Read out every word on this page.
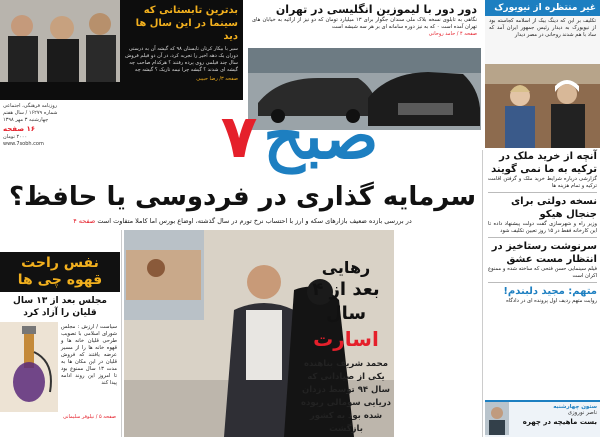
بدترین تابستانی که سینما در این سال ها دید
سیر با بیکار کرتان تابستان ۹۸ که گیشه آن به درستی دوران یک دهه اخیر را تجربه کرد، در آن دو فیلم فروش سال چند فیلمی روی پرده رفتند ؟ هرکدام صاحب چه گیشه ای شدند ؟ گیشه چرا نیمه تاریک ؟ گیشه چه
صفحه ۳/ رضا حبیبی
دور دور با لیموزین انگلیسی در تهران
نگاهی به تابلوی نسخه بلاک ملی سندان جگوار برای ۱۳ میلیارد تومان که دو نیز از ارائیه به خیابان های تهران آمده است ۰ که به نیز دوره سامانه ای بر هر سه شیشه است
صفحه ۴ / حامد روحانی
غیر منتظره از نیویورک
تکلیف بر این که دینگ بیک از اسلامه کجاسته بود از نیویورک به دیدار رئیس جمهور ایران آمد که ساد با هم شدند روحانی در مصر دیدار
روزنامه فرهنگی، اجتماعی
شماره ۱۶۲۷۹ / سال هفتم
چهارشنبه ۳ مهر ۱۳۹۸
۱۶ صفحه
۲۰۰۰ تومان
www.7sobh.com	صبح
۷
سرمایه گذاری در فردوسی یا حافظ؟
در بررسی بازده ضعیف بازارهای سکه و ارز با احتساب نرخ تورم در سال گذشته، اوضاع بورس اما کاملا متفاوت است صفحه ۴
نفس راحت قهوه چی ها
مجلس بعد از ۱۳ سال قلیان را آزاد کرد
سیاست / ارزش : مجلس شورای اسلامی با تصویب طرحی قلیان خانه ها و قهوه خانه ها را از مسیر عرضه یافتند که فروش قلیان در این مکان ها به مدت ۱۳ سال ممنوع بود تا امروز این روند ادامه پیدا کند
صفحه ۵ / نیلوفر سلیمانی
رهایی
بعد از ۴ سال
اسارت
محمد شریف بناهنده یکی از صیادانی که سال ۹۴ توسط دزدان دریایی سومالی ربوده شده بود به کشور بازگشت
آنچه از خرید ملک در ترکیه به ما نمی گویند
گزارشی درباره شرایط خرید ملک و گرفتن اقامت ترکیه و تمام هزینه ها
نسخه دولتی برای جنجال هیکو
وزیر راه و شهرسازی گفت دولت پیشنهاد داده تا این کارخانه فقط در ۱۵ روز تعیین تکلیف شود
سرنوشت رستاخیز در انتظار مست عشق
فیلم سینمایی حسن فتحی که ساخته شده و ممنوع اکران است
متهم: مجید دلبندم!
روایت متهم ردیف اول پرونده ای در دادگاه
ستون چهارشنبه
ناصر نوروزی
بست ماهیچه در چهره
